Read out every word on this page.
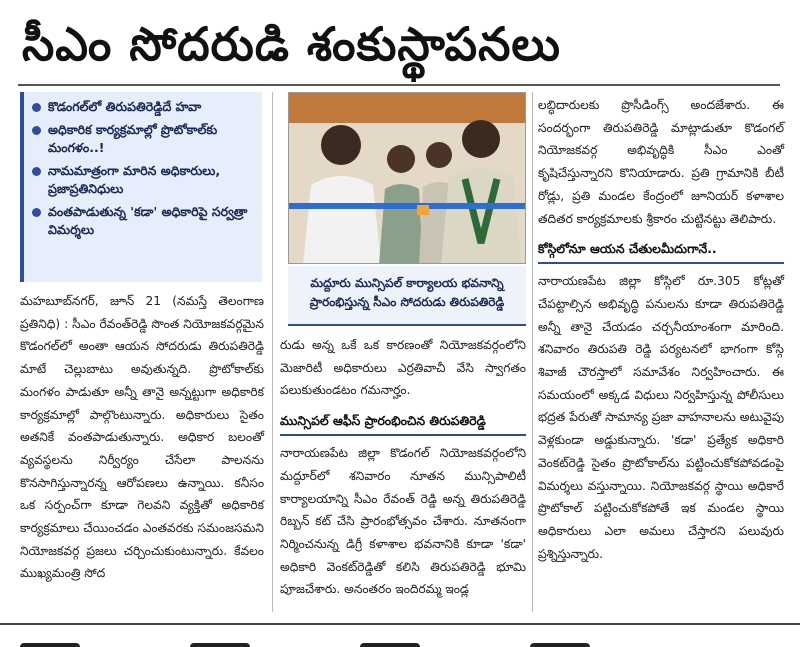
సీఎం సోదరుడి శంకుస్థాపనలు
కొడంగల్‌లో తిరుపతిరెడ్డిదే హవా
అధికారిక కార్యక్రమాల్లో ప్రొటోకాల్‌కు మంగళం..!
నామమాత్రంగా మారిన అధికారులు, ప్రజాప్రతినిధులు
వంతపాడుతున్న 'కడా' అధికారిపై సర్వత్రా విమర్శలు
మద్దూరు మున్సిపల్ కార్యాలయ భవనాన్ని ప్రారంభిస్తున్న సీఎం సోదరుడు తిరుపతిరెడ్డి

మహబూబ్‌నగర్, జూన్ 21 (నమస్తే తెలంగాణ ప్రతినిధి) : సీఎం రేవంత్‌రెడ్డి సొంత నియోజకవర్గమైన కొడంగల్‌లో అంతా ఆయన సోదరుడు తిరుపతిరెడ్డి మాటే చెల్లుబాటు అవుతున్నది. ప్రొటోకాల్‌కు మంగళం పాడుతూ అన్నీ తానై అన్నట్టుగా అధికారిక కార్యక్రమాల్లో పాల్గొంటున్నారు. అధికారులు సైతం అతనికే వంతపాడుతున్నారు. అధికార బలంతో వ్యవస్థలను నిర్వీర్యం చేసేలా పాలనను కొనసాగిస్తున్నారన్న ఆరోపణలు ఉన్నాయి. కనీసం ఒక సర్పంచ్‌గా కూడా గెలవని వ్యక్తితో అధికారిక కార్యక్రమాలు చేయించడం ఎంతవరకు సమంజసమని నియోజకవర్గ ప్రజలు చర్చించుకుంటున్నారు. కేవలం ముఖ్యమంత్రి సోద

రుడు అన్న ఒకే ఒక కారణంతో నియోజకవర్గంలోని మెజారిటీ అధికారులు ఎర్రతివాచీ వేసి స్వాగతం పలుకుతుండటం గమనార్హం.

మున్సిపల్ ఆఫీస్ ప్రారంభించిన తిరుపతిరెడ్డి

నారాయణపేట జిల్లా కొడంగల్ నియోజకవర్గంలోని మద్దూర్‌లో శనివారం నూతన మున్సిపాలిటీ కార్యాలయాన్ని సీఎం రేవంత్ రెడ్డి అన్న తిరుపతిరెడ్డి రిబ్బన్ కట్ చేసి ప్రారంభోత్సవం చేశారు. నూతనంగా నిర్మించనున్న డిగ్రీ కళాశాల భవనానికి కూడా 'కడా' అధికారి వెంకట్‌రెడ్డితో కలిసి తిరుపతిరెడ్డి భూమి పూజచేశారు. అనంతరం ఇందిరమ్మ ఇండ్ల

లబ్ధిదారులకు ప్రొసీడింగ్స్ అందజేశారు. ఈ సందర్భంగా తిరుపతిరెడ్డి మాట్లాడుతూ కొడంగల్ నియోజకవర్గ అభివృద్ధికి సీఎం ఎంతో కృషిచేస్తున్నారని కొనియాడారు. ప్రతి గ్రామానికి బీటీ రోడ్లు, ప్రతి మండల కేంద్రంలో జూనియర్ కళాశాల తదితర కార్యక్రమాలకు శ్రీకారం చుట్టినట్టు తెలిపారు.

కోస్గిలోనూ ఆయన చేతులమీదుగానే..

నారాయణపేట జిల్లా కోస్గిలో రూ.305 కోట్లతో చేపట్టాల్సిన అభివృద్ధి పనులను కూడా తిరుపతిరెడ్డి అన్నీ తానై చేయడం చర్చనీయాంశంగా మారింది. శనివారం తిరుపతి రెడ్డి పర్యటనలో భాగంగా కోస్గి శివాజీ చౌరస్తాలో సమావేశం నిర్వహించారు. ఈ సమయంలో అక్కడ విధులు నిర్వహిస్తున్న పోలీసులు భద్రత పేరుతో సామాన్య ప్రజా వాహనాలను అటువైపు వెళ్లకుండా అడ్డుకున్నారు. 'కడా' ప్రత్యేక అధికారి వెంకట్‌రెడ్డి సైతం ప్రొటోకాల్‌ను పట్టించుకోకపోవడంపై విమర్శలు వస్తున్నాయి. నియోజకవర్గ స్థాయి అధికారే ప్రొటోకాల్ పట్టించుకోకపోతే ఇక మండల స్థాయి అధికారులు ఎలా అమలు చేస్తారని పలువురు ప్రశ్నిస్తున్నారు.
